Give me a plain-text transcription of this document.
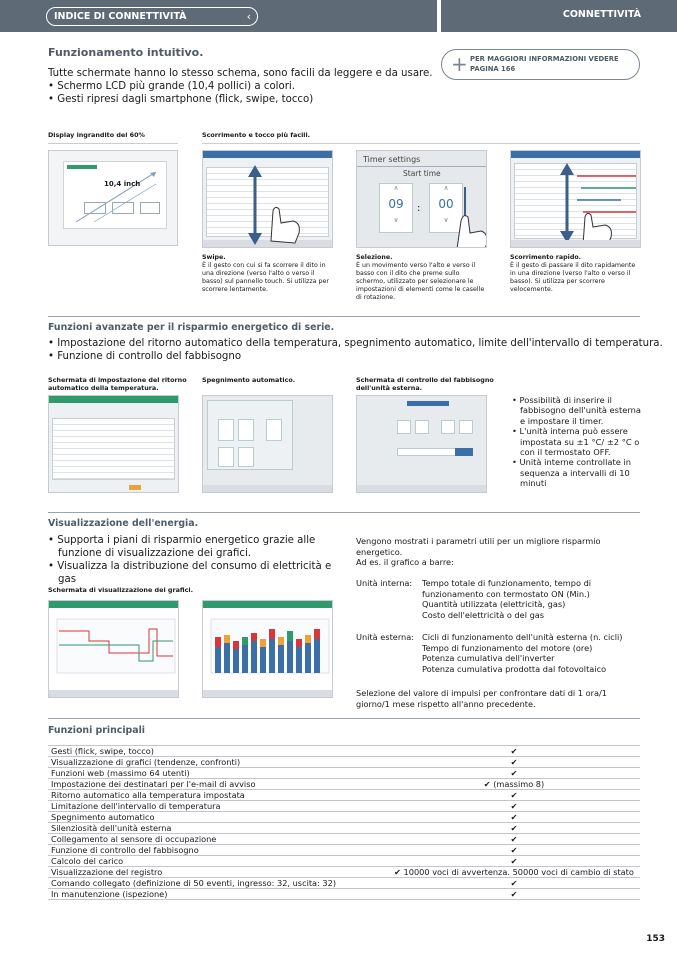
INDICE DI CONNETTIVITÀ	‹	CONNETTIVITÀ
Funzionamento intuitivo.
Tutte schermate hanno lo stesso schema, sono facili da leggere e da usare.
• Schermo LCD più grande (10,4 pollici) a colori.
• Gesti ripresi dagli smartphone (flick, swipe, tocco)
+ PER MAGGIORI INFORMAZIONI VEDERE PAGINA 166
Display ingrandito del 60%	Scorrimento e tocco più facili.
10,4 inch
Timer settings
Start time
∧
09
∨
:
∧
00
∨
Swipe.
È il gesto con cui si fa scorrere il dito in una direzione (verso l'alto o verso il basso) sul pannello touch. Si utilizza per scorrere lentamente.
Selezione.
È un movimento verso l'alto e verso il basso con il dito che preme sullo schermo, utilizzato per selezionare le impostazioni di elementi come le caselle di rotazione.
Scorrimento rapido.
È il gesto di passare il dito rapidamente in una direzione (verso l'alto o verso il basso). Si utilizza per scorrere velocemente.
Funzioni avanzate per il risparmio energetico di serie.
• Impostazione del ritorno automatico della temperatura, spegnimento automatico, limite dell'intervallo di temperatura.
• Funzione di controllo del fabbisogno
Schermata di impostazione del ritorno automatico della temperatura.
Spegnimento automatico.	Schermata di controllo del fabbisogno dell'unità esterna.
• Possibilità di inserire il fabbisogno dell'unità esterna e impostare il timer.
• L'unità interna può essere impostata su ±1 °C/ ±2 °C o con il termostato OFF.
• Unità interne controllate in sequenza a intervalli di 10 minuti
Visualizzazione dell'energia.
• Supporta i piani di risparmio energetico grazie alle funzione di visualizzazione dei grafici.
• Visualizza la distribuzione del consumo di elettricità e gas
Schermata di visualizzazione dei grafici.
Vengono mostrati i parametri utili per un migliore risparmio energetico.
Ad es. il grafico a barre:
Unità interna:	Tempo totale di funzionamento, tempo di funzionamento con termostato ON (Min.)
Quantità utilizzata (elettricità, gas)
Costo dell'elettricità o del gas
Unità esterna: Cicli di funzionamento dell'unità esterna (n. cicli)
Tempo di funzionamento del motore (ore)
Potenza cumulativa dell'inverter
Potenza cumulativa prodotta dal fotovoltaico
Selezione del valore di impulsi per confrontare dati di 1 ora/1 giorno/1 mese rispetto all'anno precedente.
Funzioni principali
Gesti (flick, swipe, tocco)	✔
Visualizzazione di grafici (tendenze, confronti)	✔
Funzioni web (massimo 64 utenti)	✔
Impostazione dei destinatari per l'e-mail di avviso	✔ (massimo 8)
Ritorno automatico alla temperatura impostata	✔
Limitazione dell'intervallo di temperatura	✔
Spegnimento automatico	✔
Silenziosità dell'unità esterna	✔
Collegamento al sensore di occupazione	✔
Funzione di controllo del fabbisogno	✔
Calcolo del carico	✔
Visualizzazione del registro	✔ 10000 voci di avvertenza. 50000 voci di cambio di stato
Comando collegato (definizione di 50 eventi, ingresso: 32, uscita: 32)	✔
In manutenzione (ispezione)	✔
153
